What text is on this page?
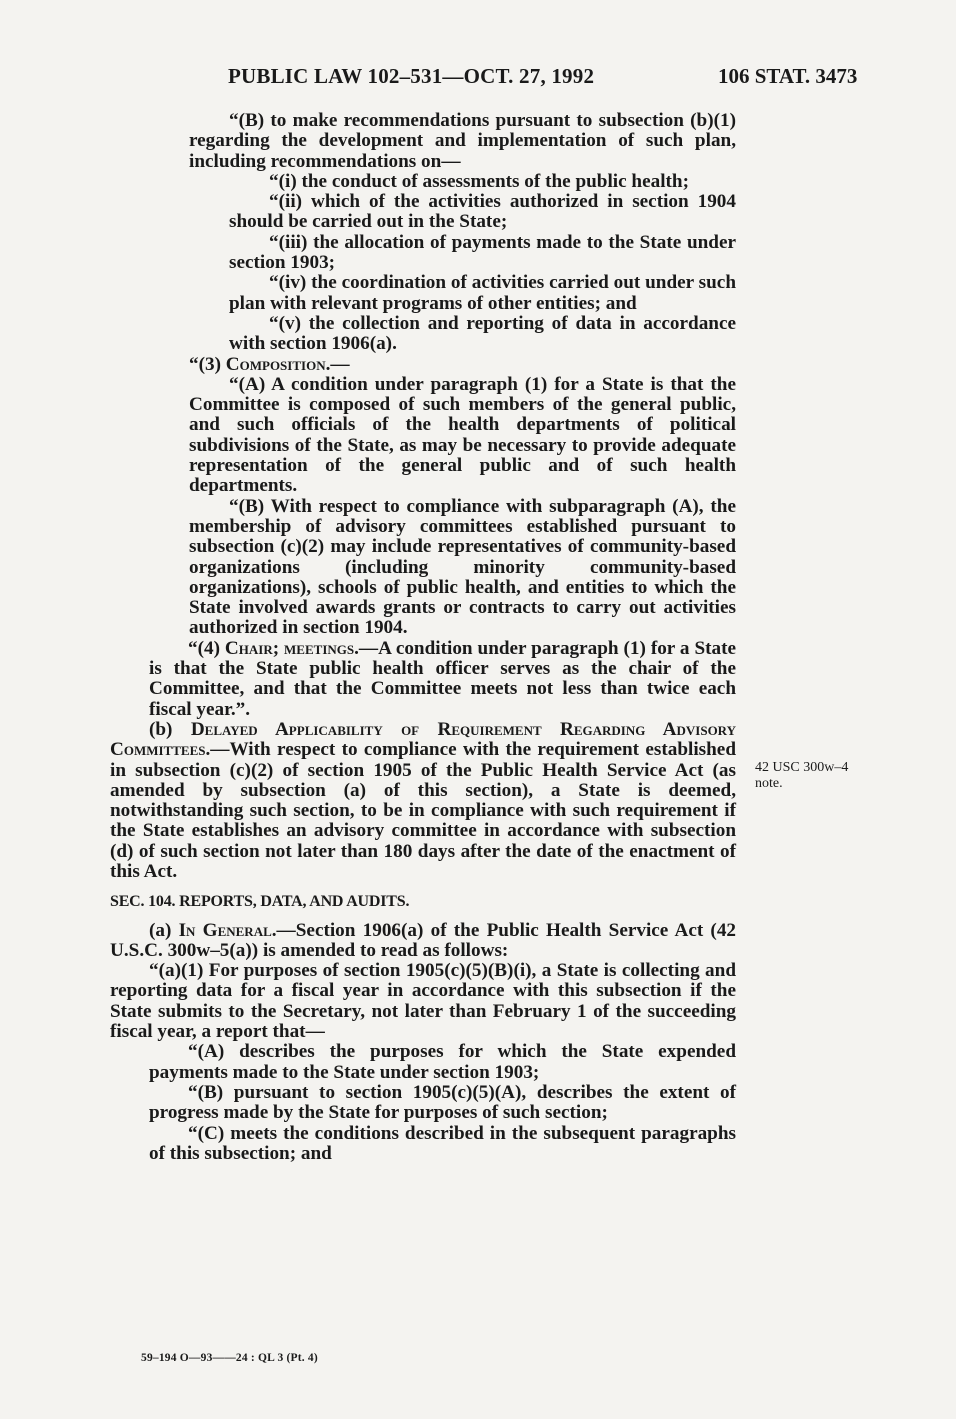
PUBLIC LAW 102–531—OCT. 27, 1992	106 STAT. 3473

“(B) to make recommendations pursuant to subsection (b)(1) regarding the development and implementation of such plan, including recommendations on—

“(i) the conduct of assessments of the public health;

“(ii) which of the activities authorized in section 1904 should be carried out in the State;

“(iii) the allocation of payments made to the State under section 1903;

“(iv) the coordination of activities carried out under such plan with relevant programs of other entities; and

“(v) the collection and reporting of data in accordance with section 1906(a).

“(3) Composition.—

“(A) A condition under paragraph (1) for a State is that the Committee is composed of such members of the general public, and such officials of the health departments of political subdivisions of the State, as may be necessary to provide adequate representation of the general public and of such health departments.

“(B) With respect to compliance with subparagraph (A), the membership of advisory committees established pursuant to subsection (c)(2) may include representatives of community-based organizations (including minority community-based organizations), schools of public health, and entities to which the State involved awards grants or contracts to carry out activities authorized in section 1904.

“(4) Chair; meetings.—A condition under paragraph (1) for a State is that the State public health officer serves as the chair of the Committee, and that the Committee meets not less than twice each fiscal year.”.

(b) Delayed Applicability of Requirement Regarding Advisory Committees.—With respect to compliance with the requirement established in subsection (c)(2) of section 1905 of the Public Health Service Act (as amended by subsection (a) of this section), a State is deemed, notwithstanding such section, to be in compliance with such requirement if the State establishes an advisory committee in accordance with subsection (d) of such section not later than 180 days after the date of the enactment of this Act.

SEC. 104. REPORTS, DATA, AND AUDITS.

(a) In General.—Section 1906(a) of the Public Health Service Act (42 U.S.C. 300w–5(a)) is amended to read as follows:

“(a)(1) For purposes of section 1905(c)(5)(B)(i), a State is collecting and reporting data for a fiscal year in accordance with this subsection if the State submits to the Secretary, not later than February 1 of the succeeding fiscal year, a report that—

“(A) describes the purposes for which the State expended payments made to the State under section 1903;

“(B) pursuant to section 1905(c)(5)(A), describes the extent of progress made by the State for purposes of such section;

“(C) meets the conditions described in the subsequent paragraphs of this subsection; and

42 USC 300w–4
note.
59–194 O—93——24 : QL 3 (Pt. 4)
